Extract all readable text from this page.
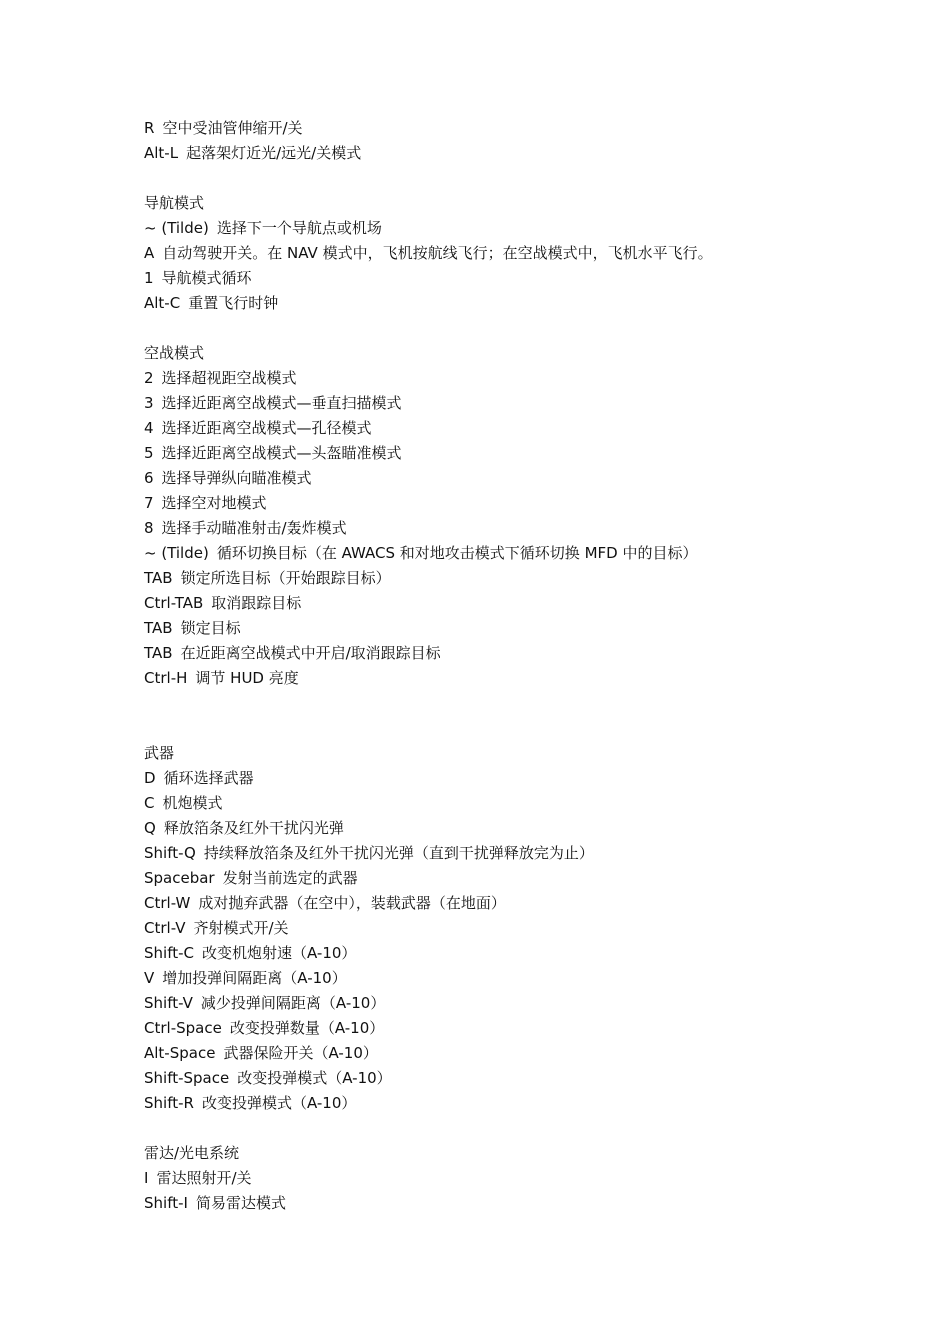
R 空中受油管伸缩开/关
Alt-L 起落架灯近光/远光/关模式
导航模式
~ (Tilde) 选择下一个导航点或机场
A 自动驾驶开关。在 NAV 模式中，飞机按航线飞行；在空战模式中，飞机水平飞行。
1 导航模式循环
Alt-C 重置飞行时钟
空战模式
2 选择超视距空战模式
3 选择近距离空战模式—垂直扫描模式
4 选择近距离空战模式—孔径模式
5 选择近距离空战模式—头盔瞄准模式
6 选择导弹纵向瞄准模式
7 选择空对地模式
8 选择手动瞄准射击/轰炸模式
~ (Tilde) 循环切换目标（在 AWACS 和对地攻击模式下循环切换 MFD 中的目标）
TAB 锁定所选目标（开始跟踪目标）
Ctrl-TAB 取消跟踪目标
TAB 锁定目标
TAB 在近距离空战模式中开启/取消跟踪目标
Ctrl-H 调节 HUD 亮度
武器
D 循环选择武器
C 机炮模式
Q 释放箔条及红外干扰闪光弹
Shift-Q 持续释放箔条及红外干扰闪光弹（直到干扰弹释放完为止）
Spacebar 发射当前选定的武器
Ctrl-W 成对抛弃武器（在空中），装载武器（在地面）
Ctrl-V 齐射模式开/关
Shift-C 改变机炮射速（A-10）
V 增加投弹间隔距离（A-10）
Shift-V 减少投弹间隔距离（A-10）
Ctrl-Space 改变投弹数量（A-10）
Alt-Space 武器保险开关（A-10）
Shift-Space 改变投弹模式（A-10）
Shift-R 改变投弹模式（A-10）
雷达/光电系统
I 雷达照射开/关
Shift-I 简易雷达模式
